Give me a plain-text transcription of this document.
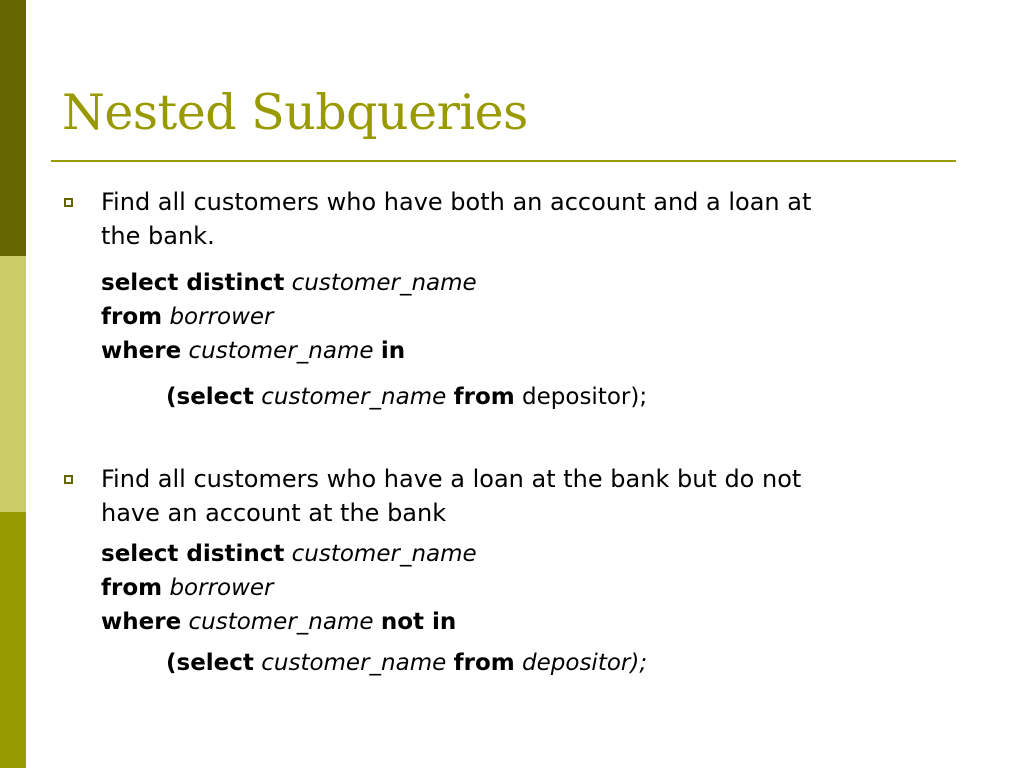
Nested Subqueries

Find all customers who have both an account and a loan at
the bank.

select distinct customer_name
from borrower
where customer_name in
(select customer_name from depositor);

Find all customers who have a loan at the bank but do not
have an account at the bank

select distinct customer_name
from borrower
where customer_name not in
(select customer_name from depositor);
